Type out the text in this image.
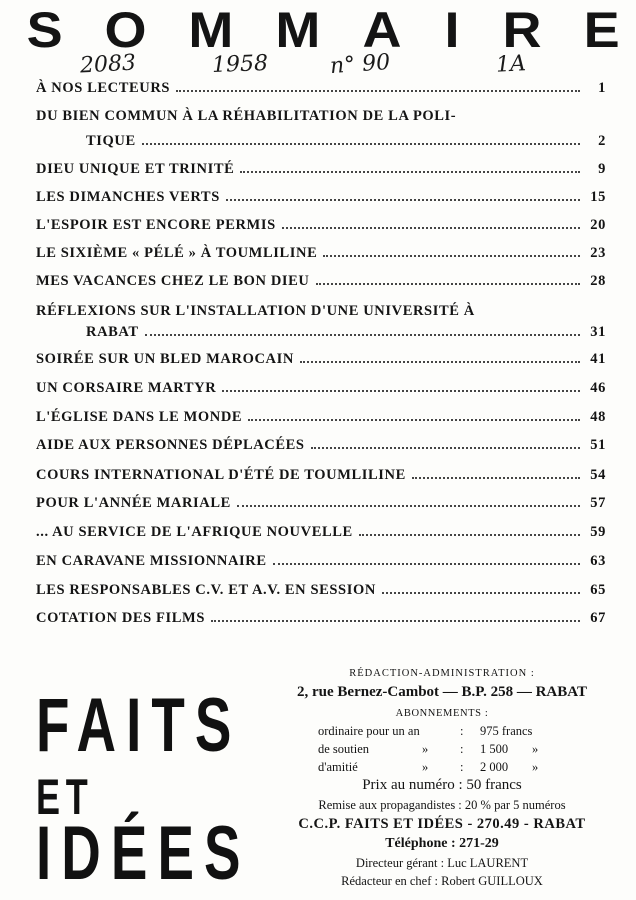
S O M M A I R E
2083	1958	n° 90	1A
À NOS LECTEURS	1
DU BIEN COMMUN À LA RÉHABILITATION DE LA POLI-
TIQUE	2
DIEU UNIQUE ET TRINITÉ	9
LES DIMANCHES VERTS	15
L'ESPOIR EST ENCORE PERMIS	20
LE SIXIÈME « PÉLÉ » À TOUMLILINE	23
MES VACANCES CHEZ LE BON DIEU	28
RÉFLEXIONS SUR L'INSTALLATION D'UNE UNIVERSITÉ À
RABAT	31
SOIRÉE SUR UN BLED MAROCAIN	41
UN CORSAIRE MARTYR	46
L'ÉGLISE DANS LE MONDE	48
AIDE AUX PERSONNES DÉPLACÉES	51
COURS INTERNATIONAL D'ÉTÉ DE TOUMLILINE	54
POUR L'ANNÉE MARIALE	57
... AU SERVICE DE L'AFRIQUE NOUVELLE	59
EN CARAVANE MISSIONNAIRE	63
LES RESPONSABLES C.V. ET A.V. EN SESSION	65
COTATION DES FILMS	67
FAITS
ET
IDÉES
RÉDACTION-ADMINISTRATION :
2, rue Bernez-Cambot — B.P. 258 — RABAT
ABONNEMENTS :
ordinaire pour un an	: 975 francs
de soutien	»	: 1 500 »
d'amitié	»	: 2 000 »
Prix au numéro : 50 francs
Remise aux propagandistes : 20 % par 5 numéros
C.C.P. FAITS ET IDÉES - 270.49 - RABAT
Téléphone : 271-29
Directeur gérant : Luc LAURENT
Rédacteur en chef : Robert GUILLOUX
